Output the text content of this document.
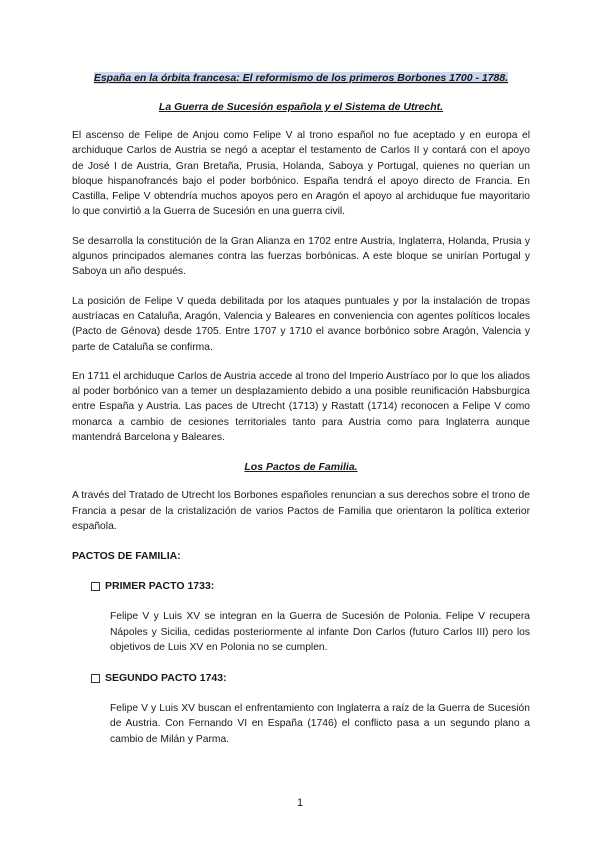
España en la órbita francesa: El reformismo de los primeros Borbones 1700 - 1788.
La Guerra de Sucesión española y el Sistema de Utrecht.

El ascenso de Felipe de Anjou como Felipe V al trono español no fue aceptado y en europa el archiduque Carlos de Austria se negó a aceptar el testamento de Carlos II y contará con el apoyo de José I de Austria, Gran Bretaña, Prusia, Holanda, Saboya y Portugal, quienes no querían un bloque hispanofrancés bajo el poder borbónico. España tendrá el apoyo directo de Francia. En Castilla, Felipe V obtendría muchos apoyos pero en Aragón el apoyo al archiduque fue mayoritario lo que convirtió a la Guerra de Sucesión en una guerra civil.

Se desarrolla la constitución de la Gran Alianza en 1702 entre Austria, Inglaterra, Holanda, Prusia y algunos principados alemanes contra las fuerzas borbónicas. A este bloque se unirían Portugal y Saboya un año después.

La posición de Felipe V queda debilitada por los ataques puntuales y por la instalación de tropas austríacas en Cataluña, Aragón, Valencia y Baleares en conveniencia con agentes políticos locales (Pacto de Génova) desde 1705. Entre 1707 y 1710 el avance borbónico sobre Aragón, Valencia y parte de Cataluña se confirma.

En 1711 el archiduque Carlos de Austria accede al trono del Imperio Austríaco por lo que los aliados al poder borbónico van a temer un desplazamiento debido a una posible reunificación Habsburgica entre España y Austria. Las paces de Utrecht (1713) y Rastatt (1714) reconocen a Felipe V como monarca a cambio de cesiones territoriales tanto para Austria como para Inglaterra aunque mantendrá Barcelona y Baleares.

Los Pactos de Familia.

A través del Tratado de Utrecht los Borbones españoles renuncian a sus derechos sobre el trono de Francia a pesar de la cristalización de varios Pactos de Familia que orientaron la política exterior española.

PACTOS DE FAMILIA:
PRIMER PACTO 1733:

Felipe V y Luis XV se integran en la Guerra de Sucesión de Polonia. Felipe V recupera Nápoles y Sicilia, cedidas posteriormente al infante Don Carlos (futuro Carlos III) pero los objetivos de Luis XV en Polonia no se cumplen.

SEGUNDO PACTO 1743:

Felipe V y Luis XV buscan el enfrentamiento con Inglaterra a raíz de la Guerra de Sucesión de Austria. Con Fernando VI en España (1746) el conflicto pasa a un segundo plano a cambio de Milán y Parma.

1
